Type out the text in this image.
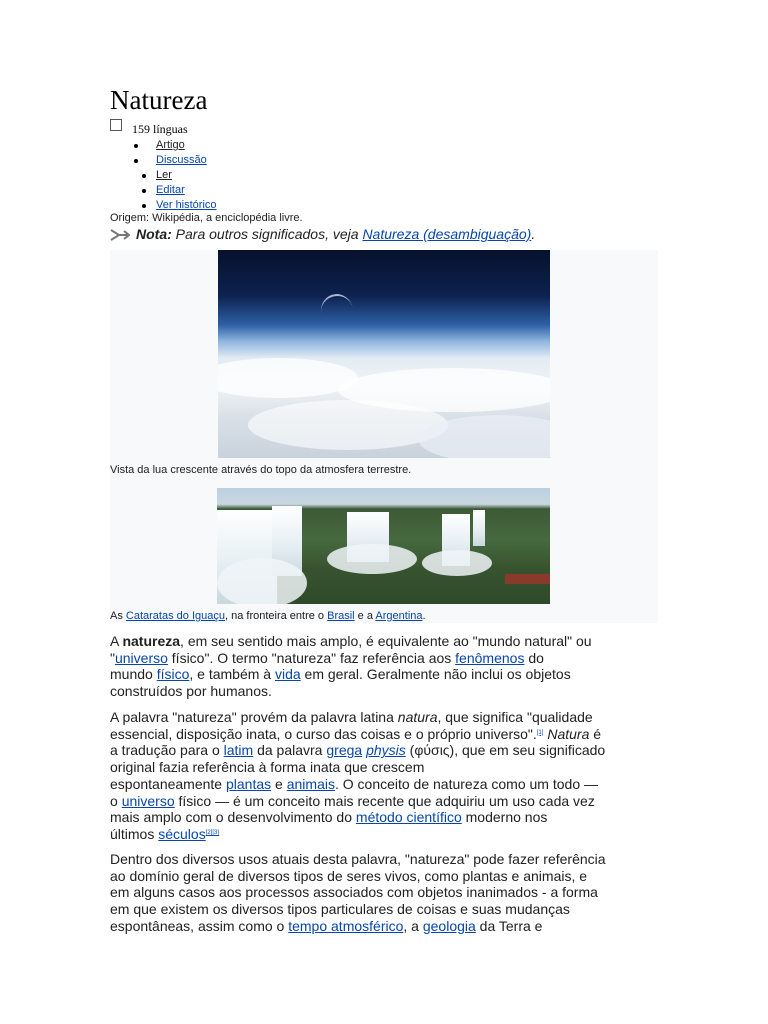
Natureza
159 línguas
Artigo
Discussão
Ler
Editar
Ver histórico
Origem: Wikipédia, a enciclopédia livre.
Nota: Para outros significados, veja Natureza (desambiguação).
Vista da lua crescente através do topo da atmosfera terrestre.
As Cataratas do Iguaçu, na fronteira entre o Brasil e a Argentina.

A natureza, em seu sentido mais amplo, é equivalente ao "mundo natural" ou

"universo físico". O termo "natureza" faz referência aos fenômenos do

mundo físico, e também à vida em geral. Geralmente não inclui os objetos

construídos por humanos.

A palavra "natureza" provém da palavra latina natura, que significa "qualidade

essencial, disposição inata, o curso das coisas e o próprio universo".[1] Natura é

a tradução para o latim da palavra grega physis (φύσις), que em seu significado

original fazia referência à forma inata que crescem

espontaneamente plantas e animais. O conceito de natureza como um todo —

o universo físico — é um conceito mais recente que adquiriu um uso cada vez

mais amplo com o desenvolvimento do método científico moderno nos

últimos séculos[2][3]

Dentro dos diversos usos atuais desta palavra, "natureza" pode fazer referência

ao domínio geral de diversos tipos de seres vivos, como plantas e animais, e

em alguns casos aos processos associados com objetos inanimados - a forma

em que existem os diversos tipos particulares de coisas e suas mudanças

espontâneas, assim como o tempo atmosférico, a geologia da Terra e
